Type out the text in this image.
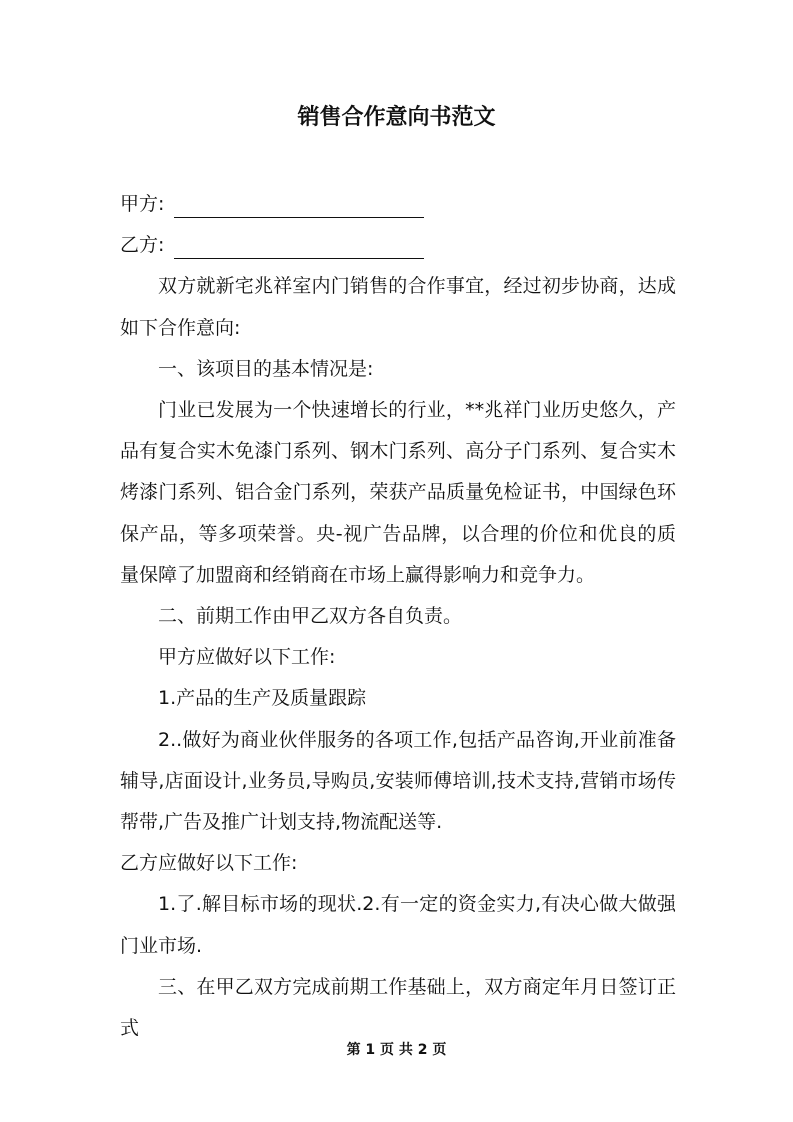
销售合作意向书范文
甲方:
乙方:

双方就新宅兆祥室内门销售的合作事宜，经过初步协商，达成如下合作意向:

一、该项目的基本情况是:

门业已发展为一个快速增长的行业，**兆祥门业历史悠久，产品有复合实木免漆门系列、钢木门系列、高分子门系列、复合实木烤漆门系列、铝合金门系列，荣获产品质量免检证书，中国绿色环保产品，等多项荣誉。央-视广告品牌，以合理的价位和优良的质量保障了加盟商和经销商在市场上赢得影响力和竞争力。

二、前期工作由甲乙双方各自负责。

甲方应做好以下工作:

1.产品的生产及质量跟踪

2..做好为商业伙伴服务的各项工作,包括产品咨询,开业前准备辅导,店面设计,业务员,导购员,安装师傅培训,技术支持,营销市场传帮带,广告及推广计划支持,物流配送等.

乙方应做好以下工作:

1.了.解目标市场的现状.2.有一定的资金实力,有决心做大做强门业市场.

三、在甲乙双方完成前期工作基础上，双方商定年月日签订正式

第 1 页 共 2 页
